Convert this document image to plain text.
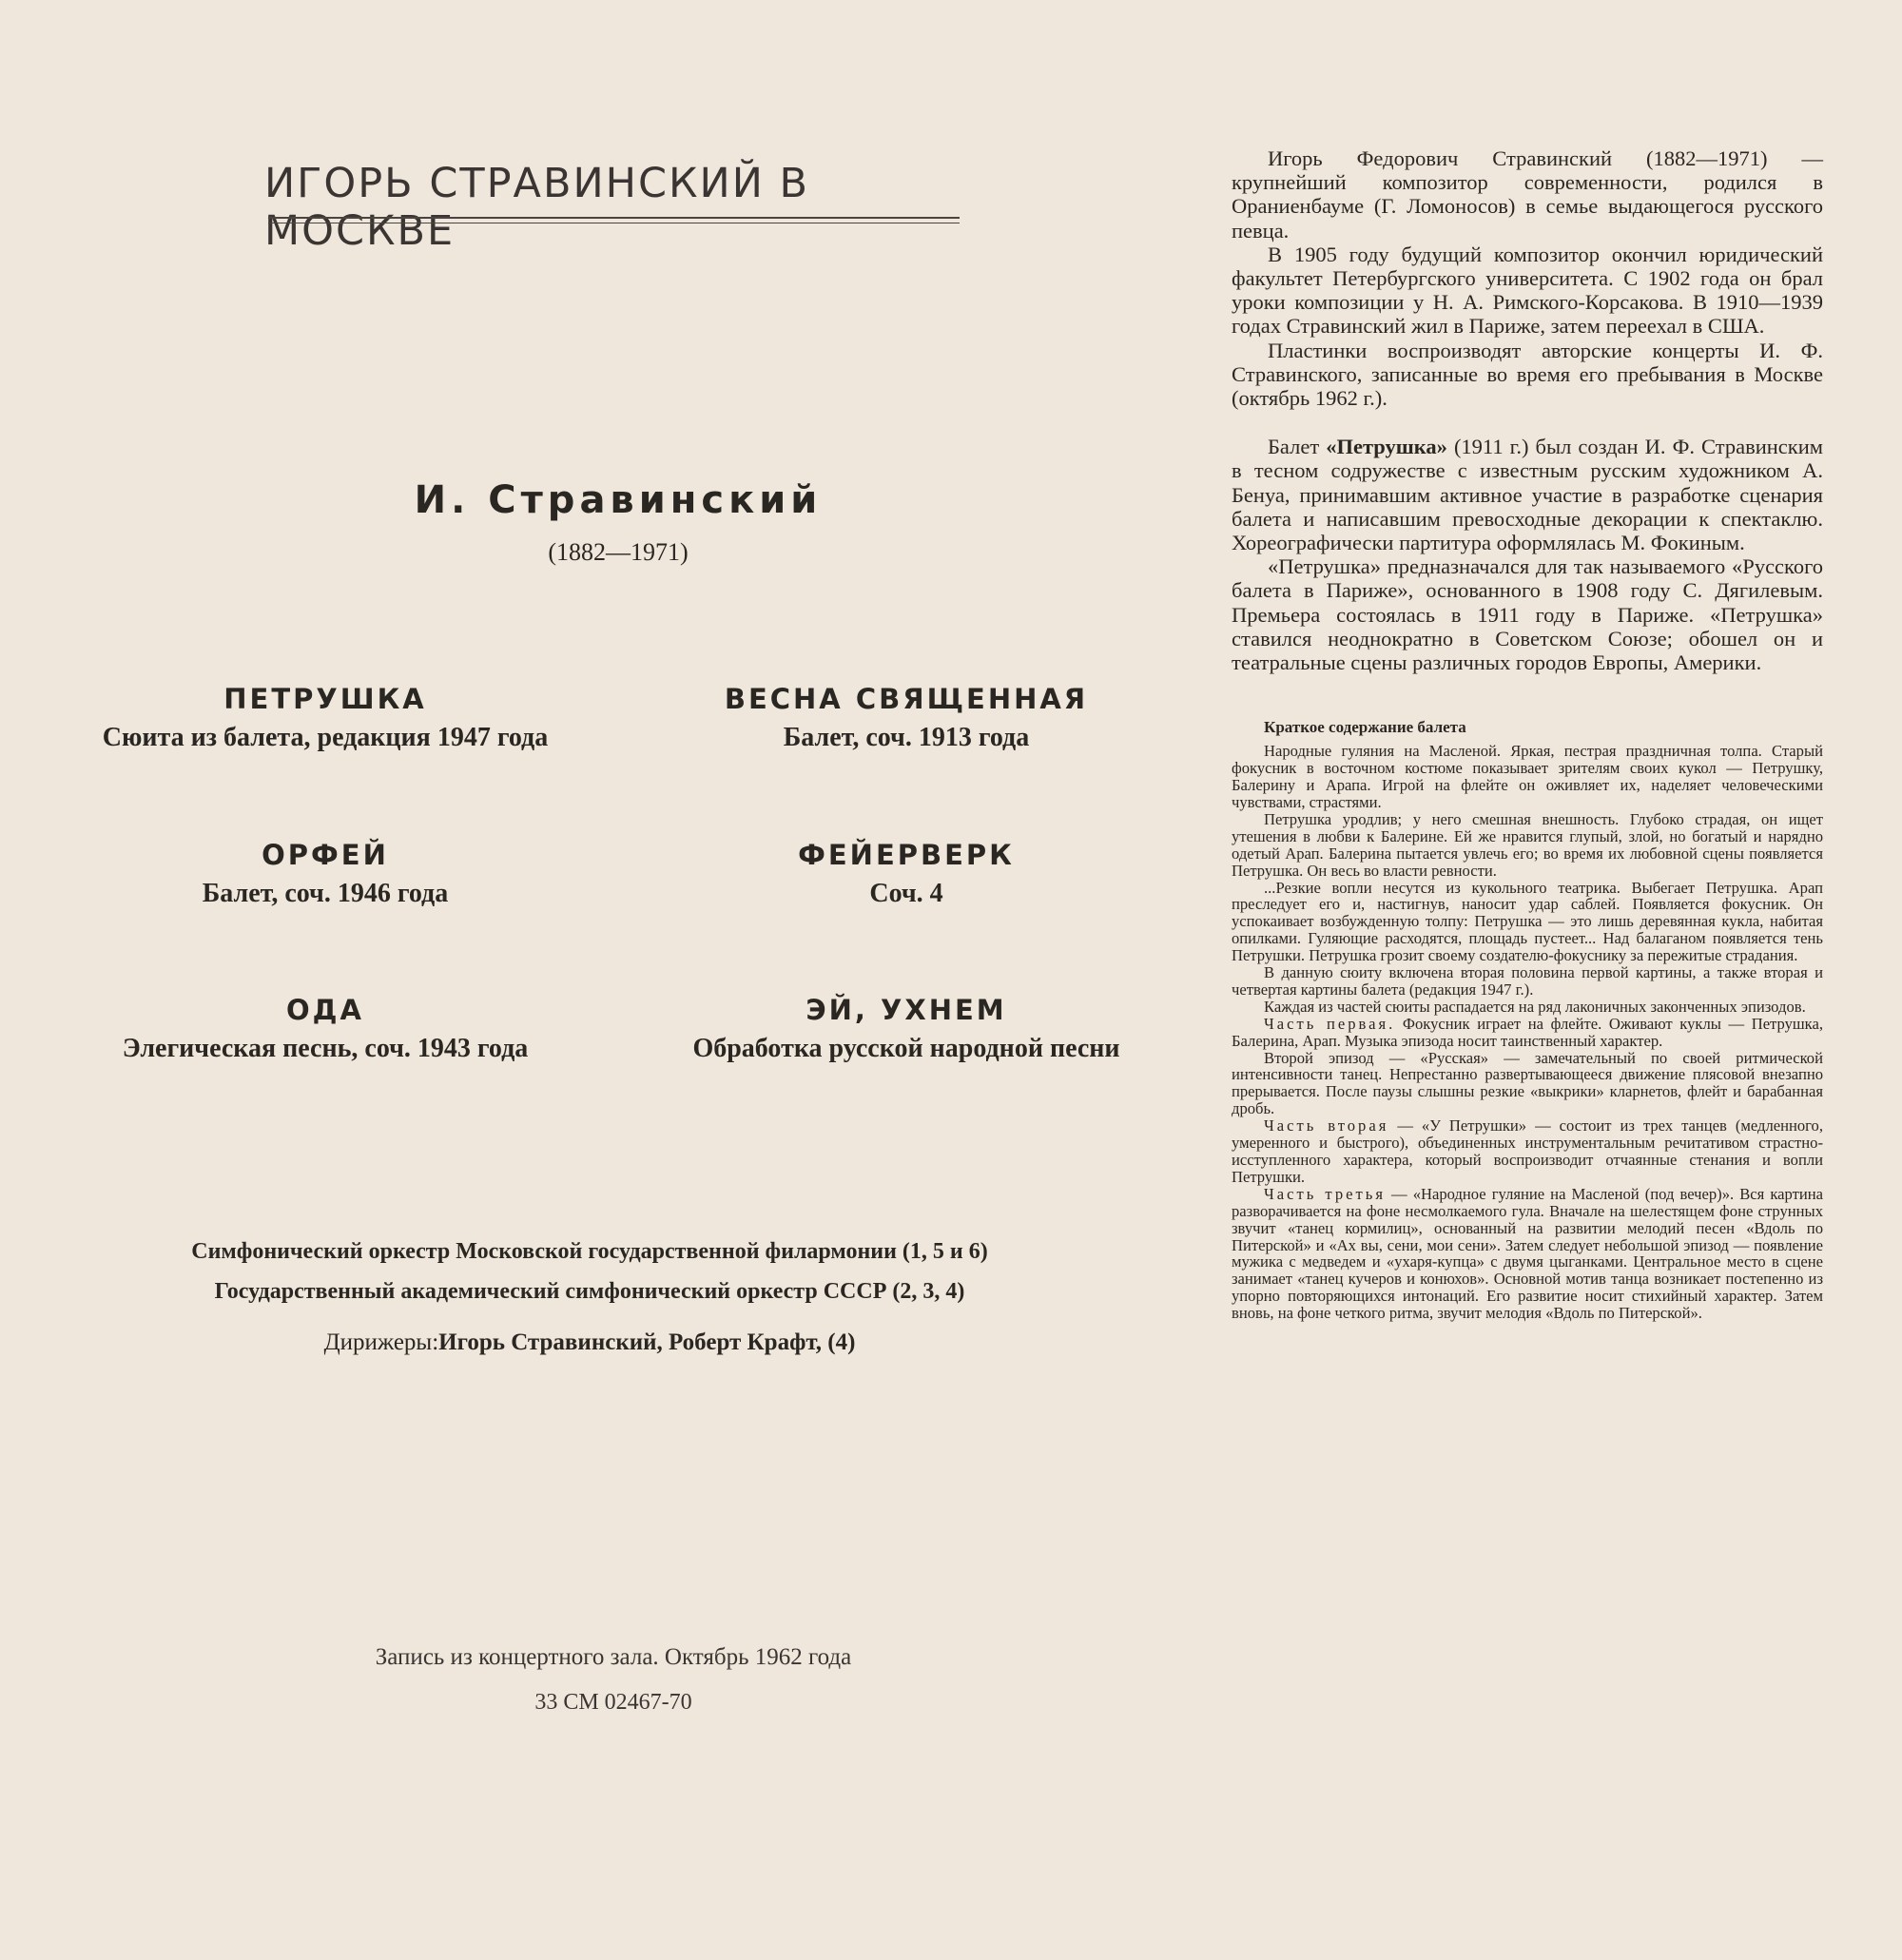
ИГОРЬ СТРАВИНСКИЙ В МОСКВЕ
И. Стравинский
(1882—1971)
ПЕТРУШКА
Сюита из балета, редакция 1947 года
ВЕСНА СВЯЩЕННАЯ
Балет, соч. 1913 года
ОРФЕЙ
Балет, соч. 1946 года
ФЕЙЕРВЕРК
Соч. 4
ОДА
Элегическая песнь, соч. 1943 года
ЭЙ, УХНЕМ
Обработка русской народной песни
Симфонический оркестр Московской государственной филармонии (1, 5 и 6)
Государственный академический симфонический оркестр СССР (2, 3, 4)
Дирижеры:Игорь Стравинский, Роберт Крафт, (4)
Запись из концертного зала. Октябрь 1962 года
33 СМ 02467-70

Игорь Федорович Стравинский (1882—1971) — крупнейший композитор современности, родился в Ораниенбауме (Г. Ломоносов) в семье выдающегося русского певца.

В 1905 году будущий композитор окончил юридический факультет Петербургского университета. С 1902 года он брал уроки композиции у Н. А. Римского-Корсакова. В 1910—1939 годах Стравинский жил в Париже, затем переехал в США.

Пластинки воспроизводят авторские концерты И. Ф. Стравинского, записанные во время его пребывания в Москве (октябрь 1962 г.).

Балет «Петрушка» (1911 г.) был создан И. Ф. Стравинским в тесном содружестве с известным русским художником А. Бенуа, принимавшим активное участие в разработке сценария балета и написавшим превосходные декорации к спектаклю. Хореографически партитура оформлялась М. Фокиным.

«Петрушка» предназначался для так называемого «Русского балета в Париже», основанного в 1908 году С. Дягилевым. Премьера состоялась в 1911 году в Париже. «Петрушка» ставился неоднократно в Советском Союзе; обошел он и театральные сцены различных городов Европы, Америки.

Краткое содержание балета

Народные гуляния на Масленой. Яркая, пестрая праздничная толпа. Старый фокусник в восточном костюме показывает зрителям своих кукол — Петрушку, Балерину и Арапа. Игрой на флейте он оживляет их, наделяет человеческими чувствами, страстями.

Петрушка уродлив; у него смешная внешность. Глубоко страдая, он ищет утешения в любви к Балерине. Ей же нравится глупый, злой, но богатый и нарядно одетый Арап. Балерина пытается увлечь его; во время их любовной сцены появляется Петрушка. Он весь во власти ревности.

...Резкие вопли несутся из кукольного театрика. Выбегает Петрушка. Арап преследует его и, настигнув, наносит удар саблей. Появляется фокусник. Он успокаивает возбужденную толпу: Петрушка — это лишь деревянная кукла, набитая опилками. Гуляющие расходятся, площадь пустеет... Над балаганом появляется тень Петрушки. Петрушка грозит своему создателю-фокуснику за пережитые страдания.

В данную сюиту включена вторая половина первой картины, а также вторая и четвертая картины балета (редакция 1947 г.).

Каждая из частей сюиты распадается на ряд лаконичных законченных эпизодов.

Часть первая. Фокусник играет на флейте. Оживают куклы — Петрушка, Балерина, Арап. Музыка эпизода носит таинственный характер.

Второй эпизод — «Русская» — замечательный по своей ритмической интенсивности танец. Непрестанно развертывающееся движение плясовой внезапно прерывается. После паузы слышны резкие «выкрики» кларнетов, флейт и барабанная дробь.

Часть вторая — «У Петрушки» — состоит из трех танцев (медленного, умеренного и быстрого), объединенных инструментальным речитативом страстно-исступленного характера, который воспроизводит отчаянные стенания и вопли Петрушки.

Часть третья — «Народное гуляние на Масленой (под вечер)». Вся картина разворачивается на фоне несмолкаемого гула. Вначале на шелестящем фоне струнных звучит «танец кормилиц», основанный на развитии мелодий песен «Вдоль по Питерской» и «Ах вы, сени, мои сени». Затем следует небольшой эпизод — появление мужика с медведем и «ухаря-купца» с двумя цыганками. Центральное место в сцене занимает «танец кучеров и конюхов». Основной мотив танца возникает постепенно из упорно повторяющихся интонаций. Его развитие носит стихийный характер. Затем вновь, на фоне четкого ритма, звучит мелодия «Вдоль по Питерской».
